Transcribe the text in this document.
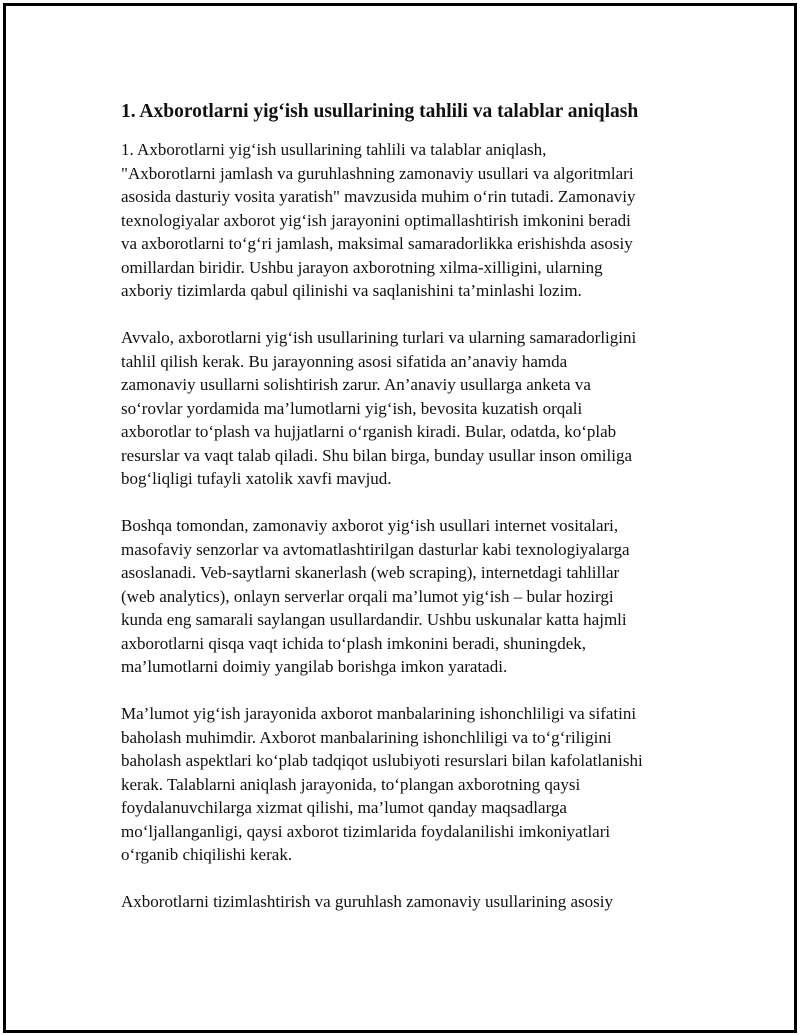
1. Axborotlarni yig‘ish usullarining tahlili va talablar aniqlash
1. Axborotlarni yig‘ish usullarining tahlili va talablar aniqlash,
"Axborotlarni jamlash va guruhlashning zamonaviy usullari va algoritmlari
asosida dasturiy vosita yaratish" mavzusida muhim o‘rin tutadi. Zamonaviy
texnologiyalar axborot yig‘ish jarayonini optimallashtirish imkonini beradi
va axborotlarni to‘g‘ri jamlash, maksimal samaradorlikka erishishda asosiy
omillardan biridir. Ushbu jarayon axborotning xilma-xilligini, ularning
axboriy tizimlarda qabul qilinishi va saqlanishini ta’minlashi lozim.
Avvalo, axborotlarni yig‘ish usullarining turlari va ularning samaradorligini
tahlil qilish kerak. Bu jarayonning asosi sifatida an’anaviy hamda
zamonaviy usullarni solishtirish zarur. An’anaviy usullarga anketa va
so‘rovlar yordamida ma’lumotlarni yig‘ish, bevosita kuzatish orqali
axborotlar to‘plash va hujjatlarni o‘rganish kiradi. Bular, odatda, ko‘plab
resurslar va vaqt talab qiladi. Shu bilan birga, bunday usullar inson omiliga
bog‘liqligi tufayli xatolik xavfi mavjud.
Boshqa tomondan, zamonaviy axborot yig‘ish usullari internet vositalari,
masofaviy senzorlar va avtomatlashtirilgan dasturlar kabi texnologiyalarga
asoslanadi. Veb-saytlarni skanerlash (web scraping), internetdagi tahlillar
(web analytics), onlayn serverlar orqali ma’lumot yig‘ish – bular hozirgi
kunda eng samarali saylangan usullardandir. Ushbu uskunalar katta hajmli
axborotlarni qisqa vaqt ichida to‘plash imkonini beradi, shuningdek,
ma’lumotlarni doimiy yangilab borishga imkon yaratadi.
Ma’lumot yig‘ish jarayonida axborot manbalarining ishonchliligi va sifatini
baholash muhimdir. Axborot manbalarining ishonchliligi va to‘g‘riligini
baholash aspektlari ko‘plab tadqiqot uslubiyoti resurslari bilan kafolatlanishi
kerak. Talablarni aniqlash jarayonida, to‘plangan axborotning qaysi
foydalanuvchilarga xizmat qilishi, ma’lumot qanday maqsadlarga
mo‘ljallanganligi, qaysi axborot tizimlarida foydalanilishi imkoniyatlari
o‘rganib chiqilishi kerak.
Axborotlarni tizimlashtirish va guruhlash zamonaviy usullarining asosiy
